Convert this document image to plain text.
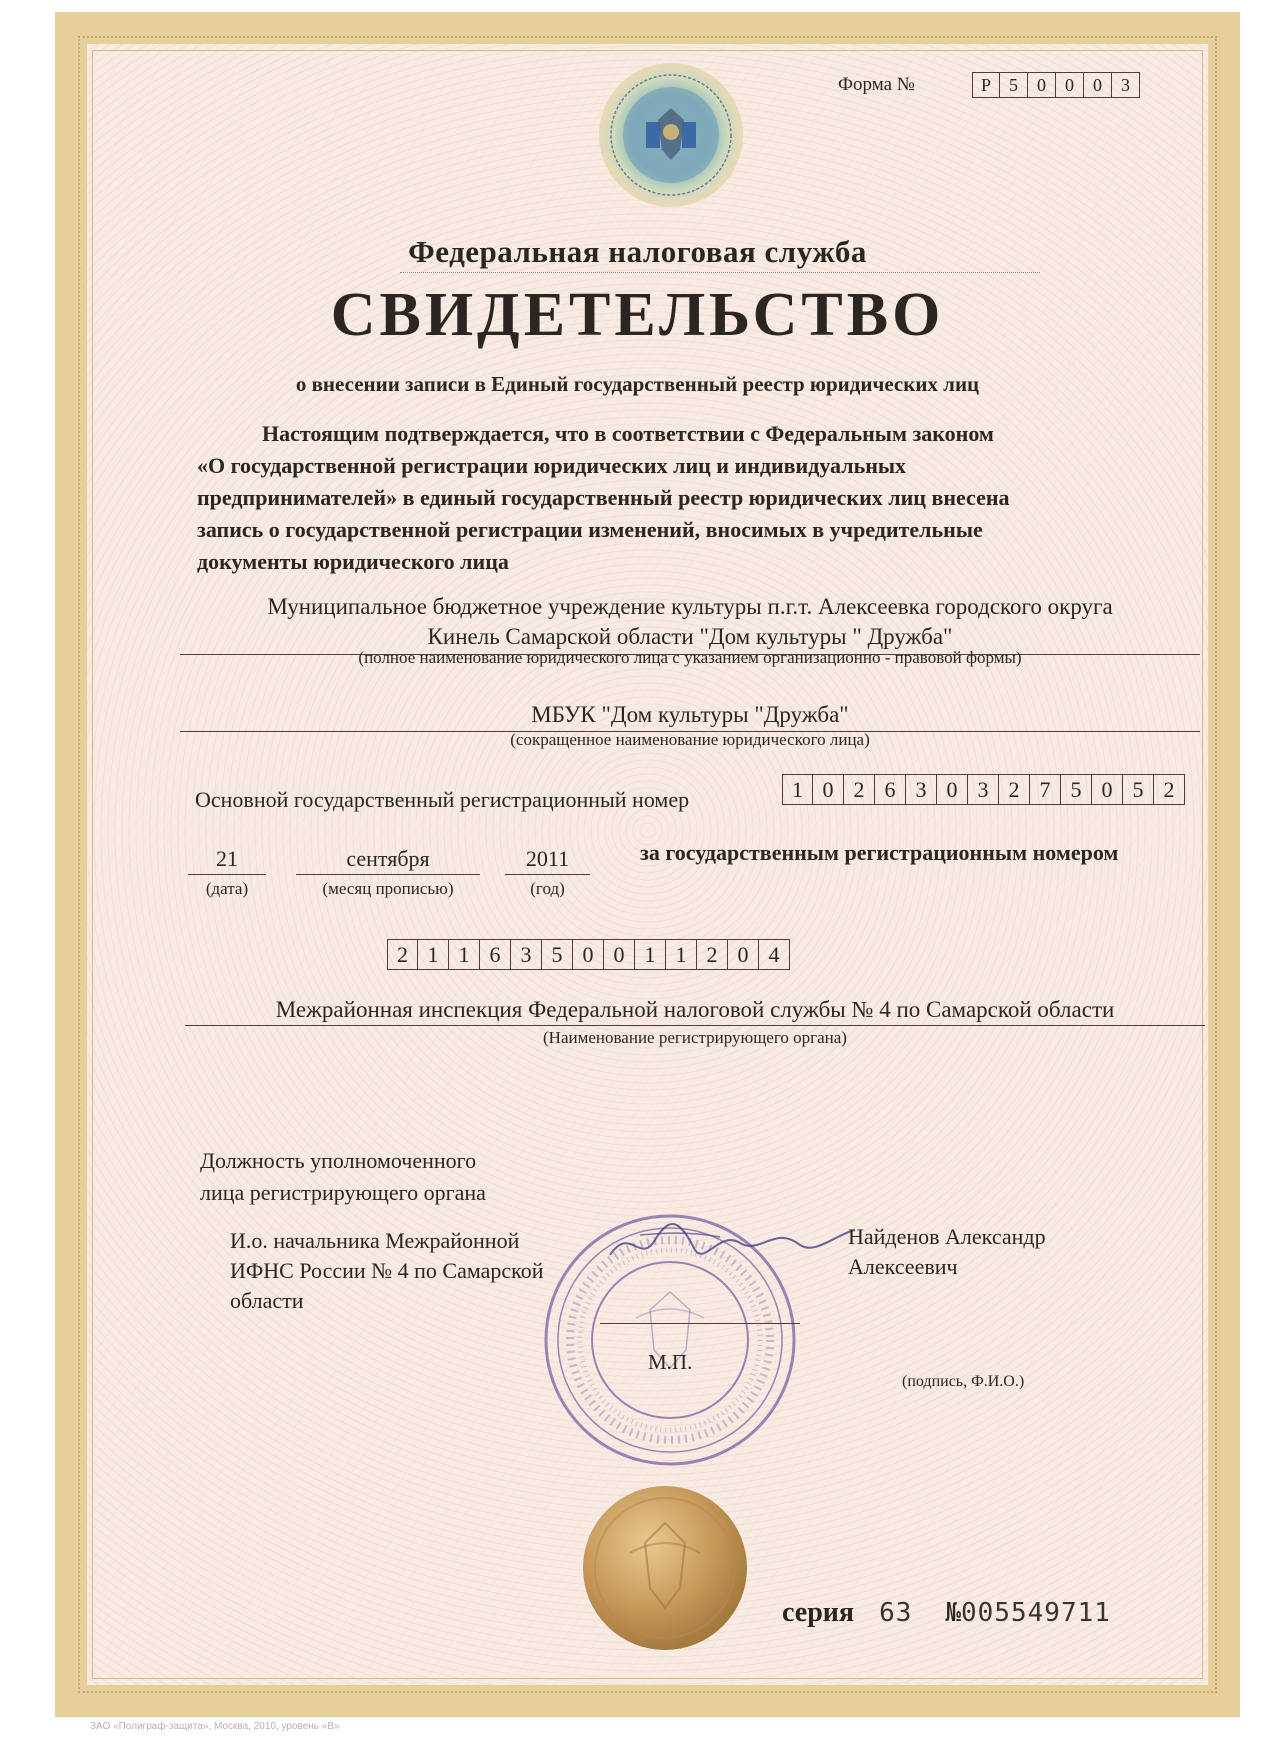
Форма №	Р	5	0	0	0	3
Федеральная налоговая служба
СВИДЕТЕЛЬСТВО
о внесении записи в Единый государственный реестр юридических лиц

Настоящим подтверждается, что в соответствии с Федеральным законом

«О государственной регистрации юридических лиц и индивидуальных

предпринимателей» в единый государственный реестр юридических лиц внесена

запись о государственной регистрации изменений, вносимых в учредительные

документы юридического лица

Муниципальное бюджетное учреждение культуры п.г.т. Алексеевка городского округа
Кинель Самарской области "Дом культуры " Дружба"
(полное наименование юридического лица с указанием организационно - правовой формы)
МБУК "Дом культуры "Дружба"
(сокращенное наименование юридического лица)
Основной государственный регистрационный номер	1 0 2 6 3 0 3 2 7 5 0 5 2
21
(дата)
сентября
(месяц прописью)
2011
(год)
за государственным регистрационным номером
2 1 1 6 3 5 0 0 1 1 2 0 4
Межрайонная инспекция Федеральной налоговой службы № 4 по Самарской области
(Наименование регистрирующего органа)
Должность уполномоченного
лица регистрирующего органа
И.о. начальника Межрайонной
ИФНС России № 4 по Самарской
области
Найденов Александр
Алексеевич
М.П.
(подпись, Ф.И.О.)
серия 63 №005549711
ЗАО «Полиграф-защита», Москва, 2010, уровень «В»
